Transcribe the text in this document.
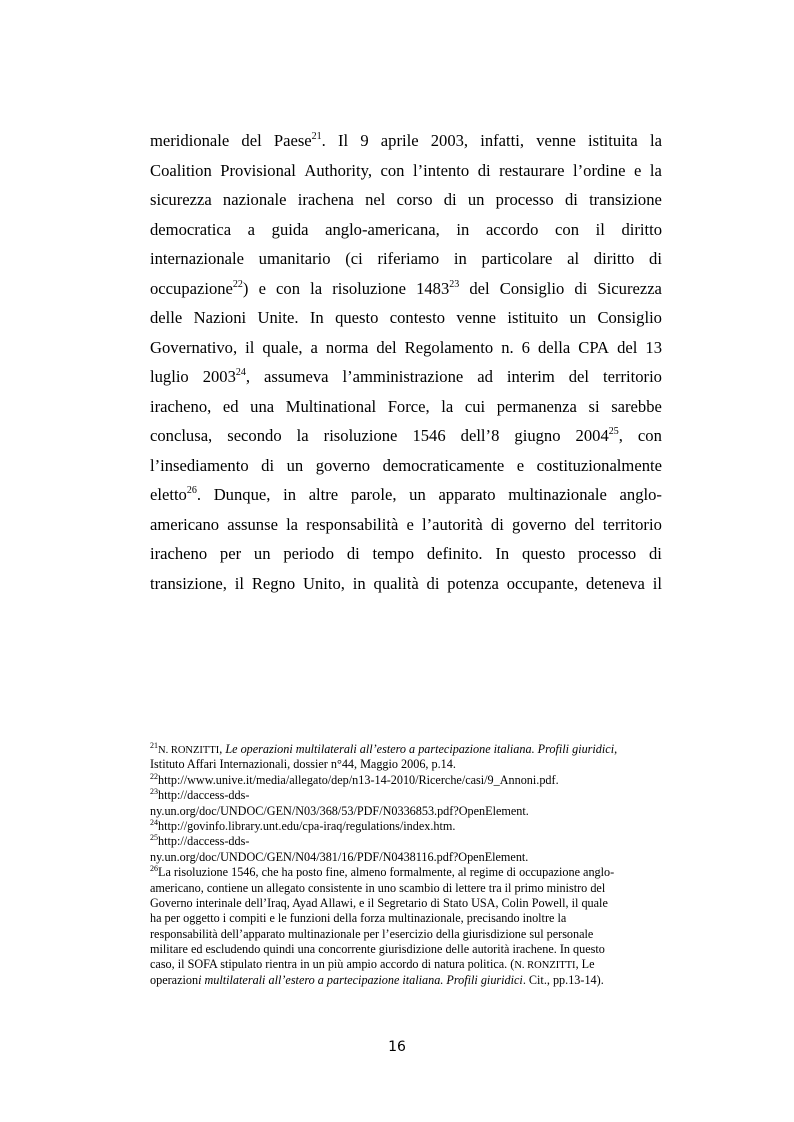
meridionale del Paese$^{21}$. Il 9 aprile 2003, infatti, venne istituita la
Coalition Provisional Authority, con l’intento di restaurare l’ordine e la
sicurezza nazionale irachena nel corso di un processo di transizione
democratica a guida anglo-americana, in accordo con il diritto
internazionale umanitario (ci riferiamo in particolare al diritto di
occupazione$^{22}$) e con la risoluzione 1483$^{23}$ del Consiglio di Sicurezza
delle Nazioni Unite. In questo contesto venne istituito un Consiglio
Governativo, il quale, a norma del Regolamento n. 6 della CPA del 13
luglio 2003$^{24}$, assumeva l’amministrazione ad interim del territorio
iracheno, ed una Multinational Force, la cui permanenza si sarebbe
conclusa, secondo la risoluzione 1546 dell’8 giugno 2004$^{25}$, con
l’insediamento di un governo democraticamente e costituzionalmente
eletto$^{26}$. Dunque, in altre parole, un apparato multinazionale anglo-
americano assunse la responsabilità e l’autorità di governo del territorio
iracheno per un periodo di tempo definito. In questo processo di
transizione, il Regno Unito, in qualità di potenza occupante, deteneva il
$^{21}$N. RONZITTI, Le operazioni multilaterali all’estero a partecipazione italiana. Profili giuridici,
Istituto Affari Internazionali, dossier n°44, Maggio 2006, p.14.
$^{22}$http://www.unive.it/media/allegato/dep/n13-14-2010/Ricerche/casi/9_Annoni.pdf.
$^{23}$http://daccess-dds-
ny.un.org/doc/UNDOC/GEN/N03/368/53/PDF/N0336853.pdf?OpenElement.
$^{24}$http://govinfo.library.unt.edu/cpa-iraq/regulations/index.htm.
$^{25}$http://daccess-dds-
ny.un.org/doc/UNDOC/GEN/N04/381/16/PDF/N0438116.pdf?OpenElement.
$^{26}$La risoluzione 1546, che ha posto fine, almeno formalmente, al regime di occupazione anglo-
americano, contiene un allegato consistente in uno scambio di lettere tra il primo ministro del
Governo interinale dell’Iraq, Ayad Allawi, e il Segretario di Stato USA, Colin Powell, il quale
ha per oggetto i compiti e le funzioni della forza multinazionale, precisando inoltre la
responsabilità dell’apparato multinazionale per l’esercizio della giurisdizione sul personale
militare ed escludendo quindi una concorrente giurisdizione delle autorità irachene. In questo
caso, il SOFA stipulato rientra in un più ampio accordo di natura politica. (N. RONZITTI, Le
operazioni multilaterali all’estero a partecipazione italiana. Profili giuridici. Cit., pp.13-14).
16
